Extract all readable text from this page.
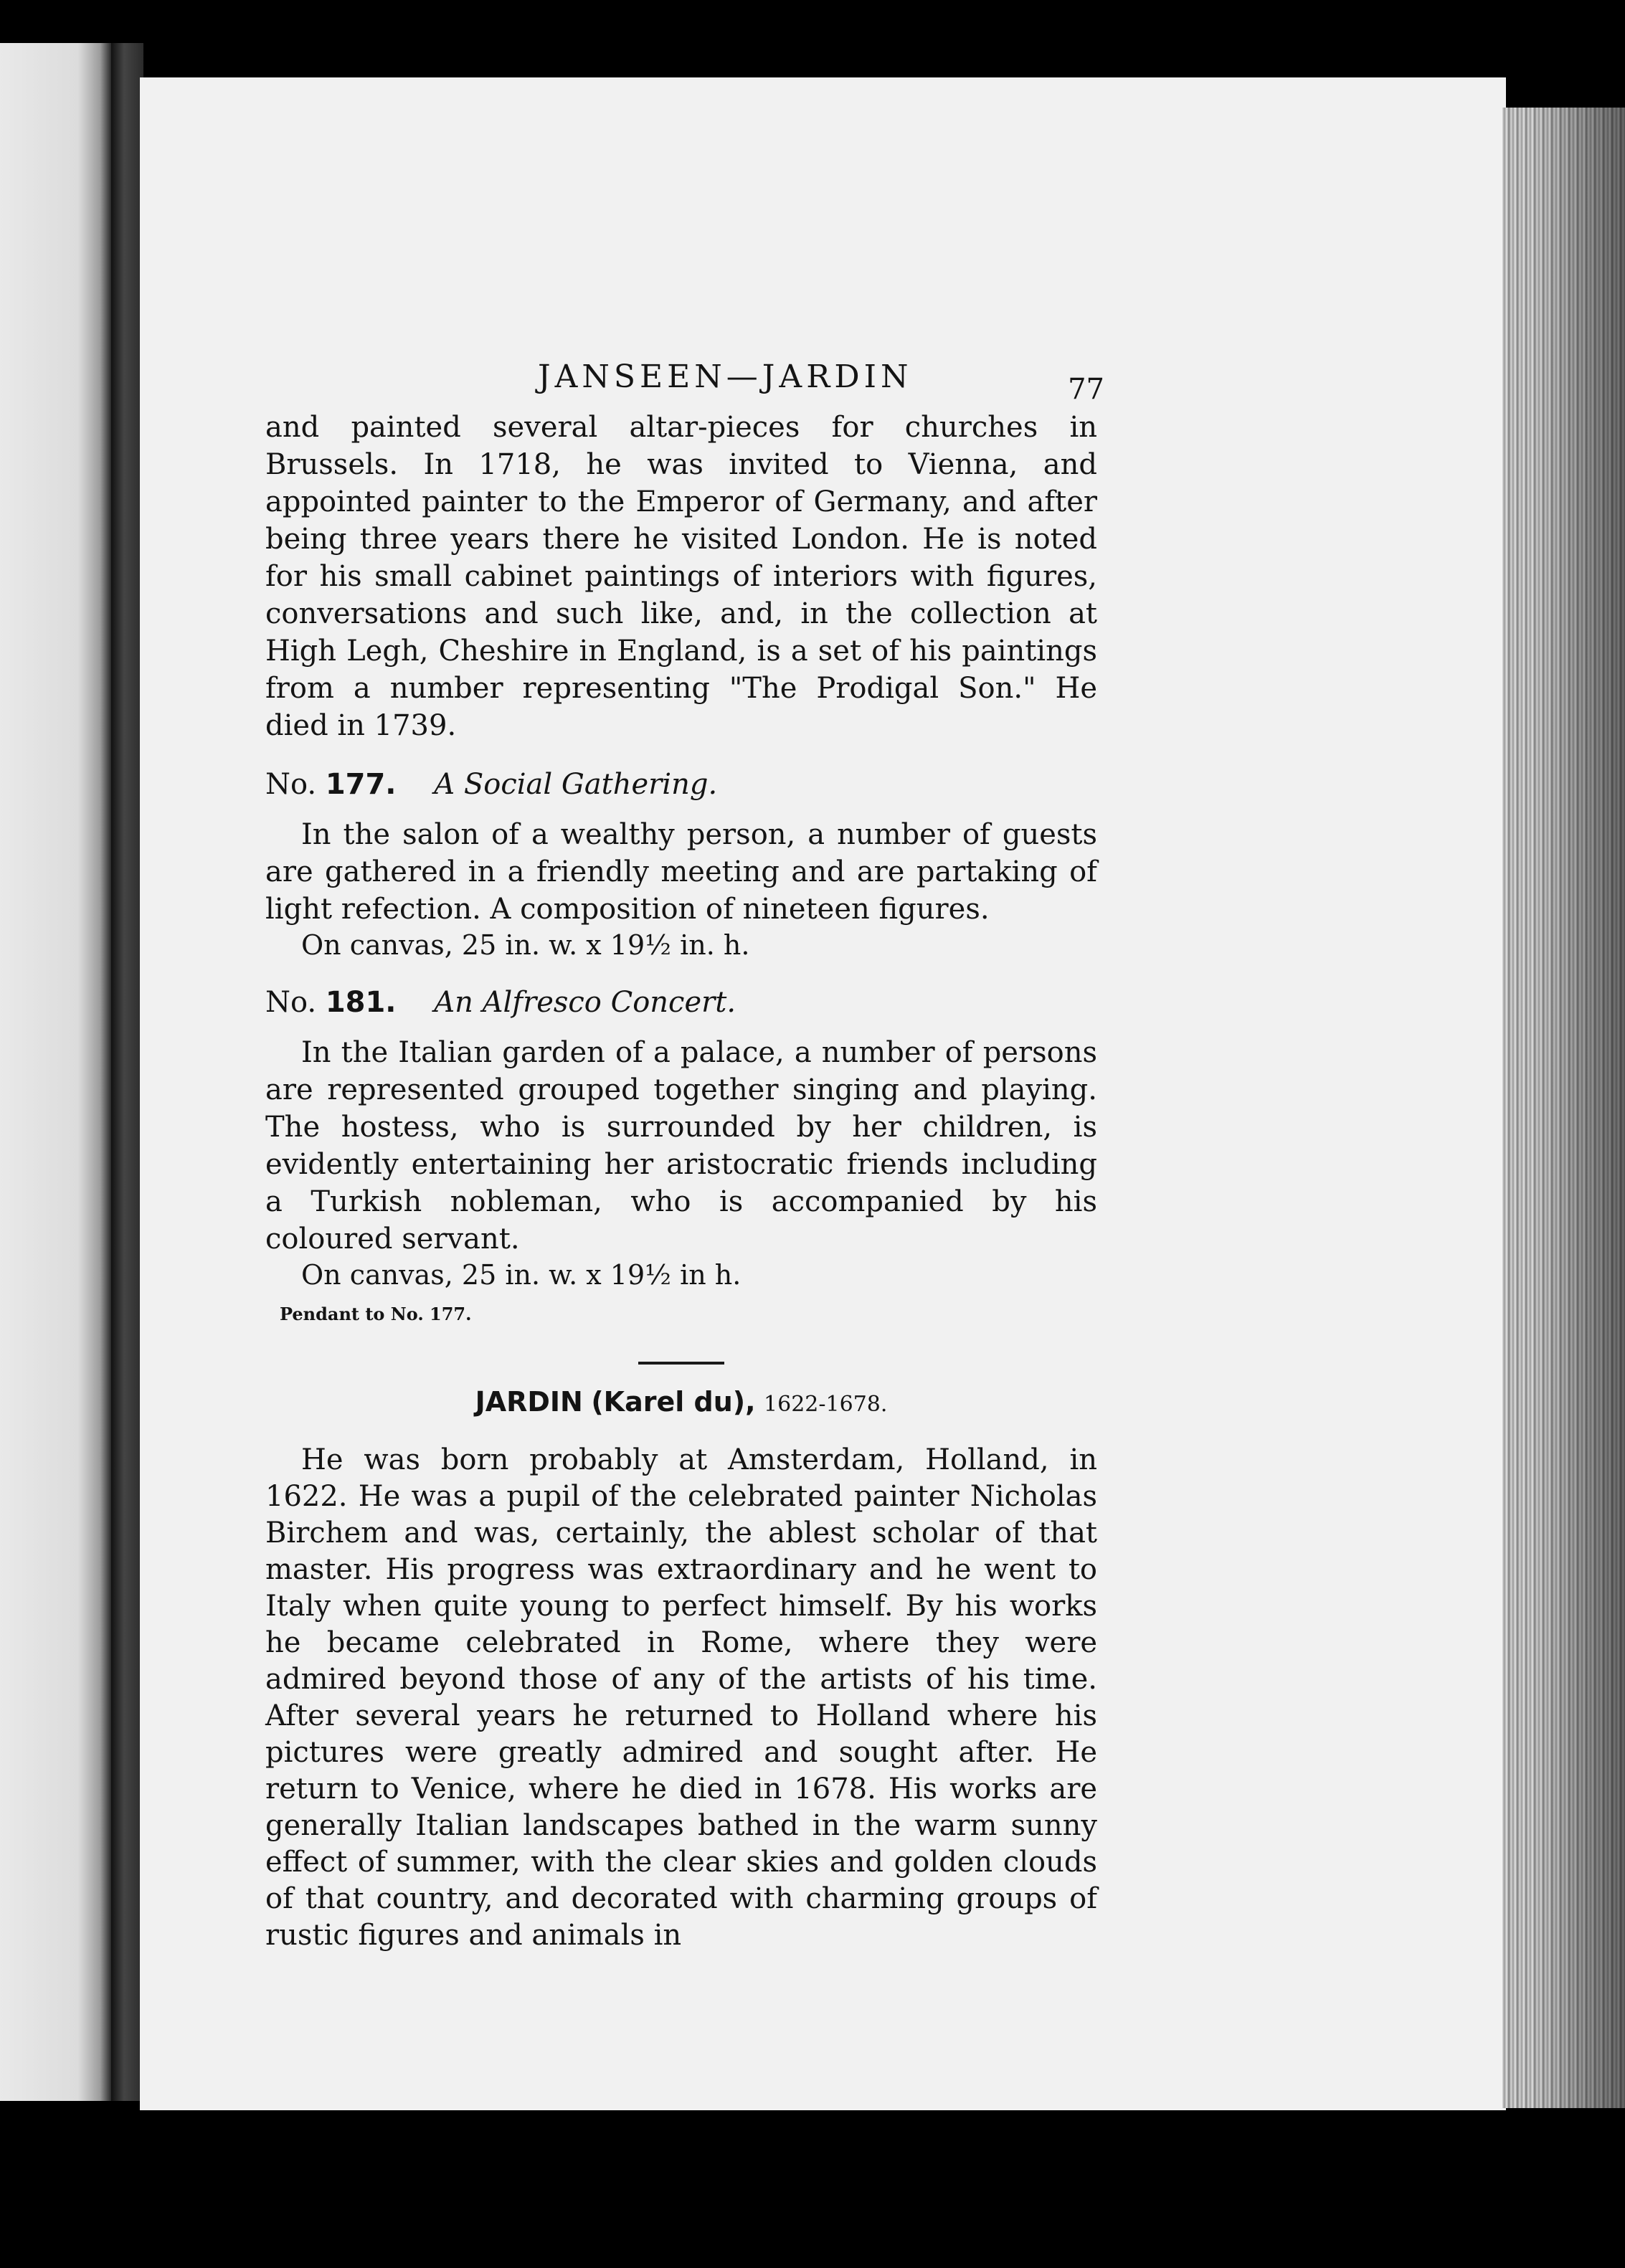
JANSEEN—JARDIN	77

and painted several altar-pieces for churches in Brussels. In 1718, he was invited to Vienna, and appointed painter to the Emperor of Germany, and after being three years there he visited London. He is noted for his small cabinet paintings of interiors with figures, conversations and such like, and, in the collection at High Legh, Cheshire in England, is a set of his paintings from a number representing "The Prodigal Son." He died in 1739.

No. 177. A Social Gathering.

In the salon of a wealthy person, a number of guests are gathered in a friendly meeting and are partaking of light refection. A composition of nineteen figures.

On canvas, 25 in. w. x 19½ in. h.
No. 181. An Alfresco Concert.

In the Italian garden of a palace, a number of persons are represented grouped together singing and playing. The hostess, who is surrounded by her children, is evidently entertaining her aristocratic friends including a Turkish nobleman, who is accompanied by his coloured servant.

On canvas, 25 in. w. x 19½ in h.
Pendant to No. 177.
JARDIN (Karel du), 1622-1678.

He was born probably at Amsterdam, Holland, in 1622. He was a pupil of the celebrated painter Nicholas Birchem and was, certainly, the ablest scholar of that master. His progress was extraordinary and he went to Italy when quite young to perfect himself. By his works he became celebrated in Rome, where they were admired beyond those of any of the artists of his time. After several years he returned to Holland where his pictures were greatly admired and sought after. He return to Venice, where he died in 1678. His works are generally Italian landscapes bathed in the warm sunny effect of summer, with the clear skies and golden clouds of that country, and decorated with charming groups of rustic figures and animals in
